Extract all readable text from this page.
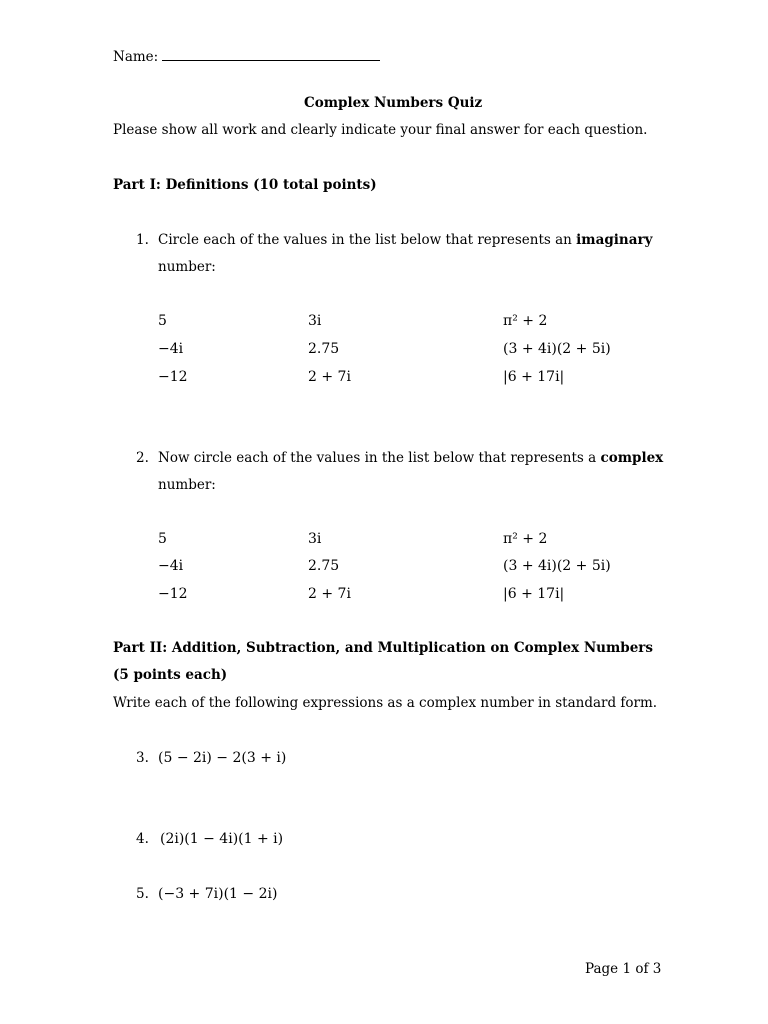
Name:
Complex Numbers Quiz
Please show all work and clearly indicate your final answer for each question.
Part I: Definitions (10 total points)
1. Circle each of the values in the list below that represents an imaginary
number:
5	3i	π² + 2
−4i	2.75	(3 + 4i)(2 + 5i)
−12	2 + 7i	|6 + 17i|
2. Now circle each of the values in the list below that represents a complex
number:
5	3i	π² + 2
−4i	2.75	(3 + 4i)(2 + 5i)
−12	2 + 7i	|6 + 17i|
Part II: Addition, Subtraction, and Multiplication on Complex Numbers
(5 points each)
Write each of the following expressions as a complex number in standard form.
3. (5 − 2i) − 2(3 + i)
4. (2i)(1 − 4i)(1 + i)
5. (−3 + 7i)(1 − 2i)
Page 1 of 3
